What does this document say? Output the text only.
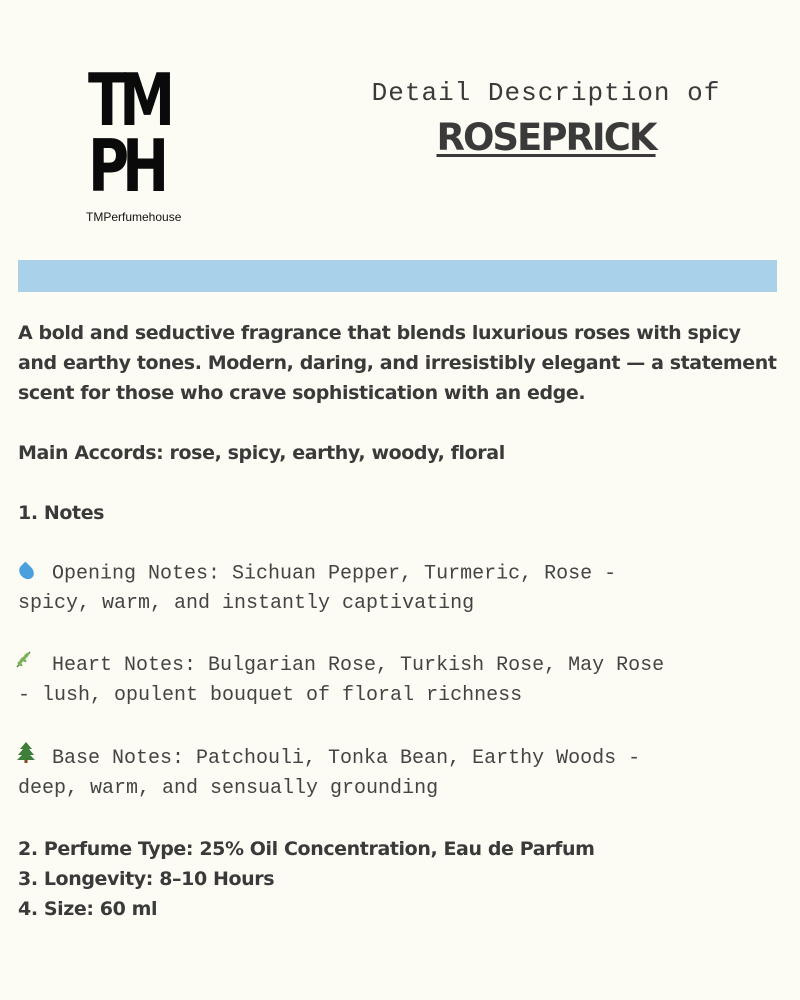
TM
PH
TMPerfumehouse
Detail Description of
ROSEPRICK

A bold and seductive fragrance that blends luxurious roses with spicy and earthy tones. Modern, daring, and irresistibly elegant — a statement scent for those who crave sophistication with an edge.

Main Accords: rose, spicy, earthy, woody, floral

1. Notes

Opening Notes: Sichuan Pepper, Turmeric, Rose -
spicy, warm, and instantly captivating

Heart Notes: Bulgarian Rose, Turkish Rose, May Rose
- lush, opulent bouquet of floral richness

Base Notes: Patchouli, Tonka Bean, Earthy Woods -
deep, warm, and sensually grounding

2. Perfume Type: 25% Oil Concentration, Eau de Parfum

3. Longevity: 8–10 Hours

4. Size: 60 ml
